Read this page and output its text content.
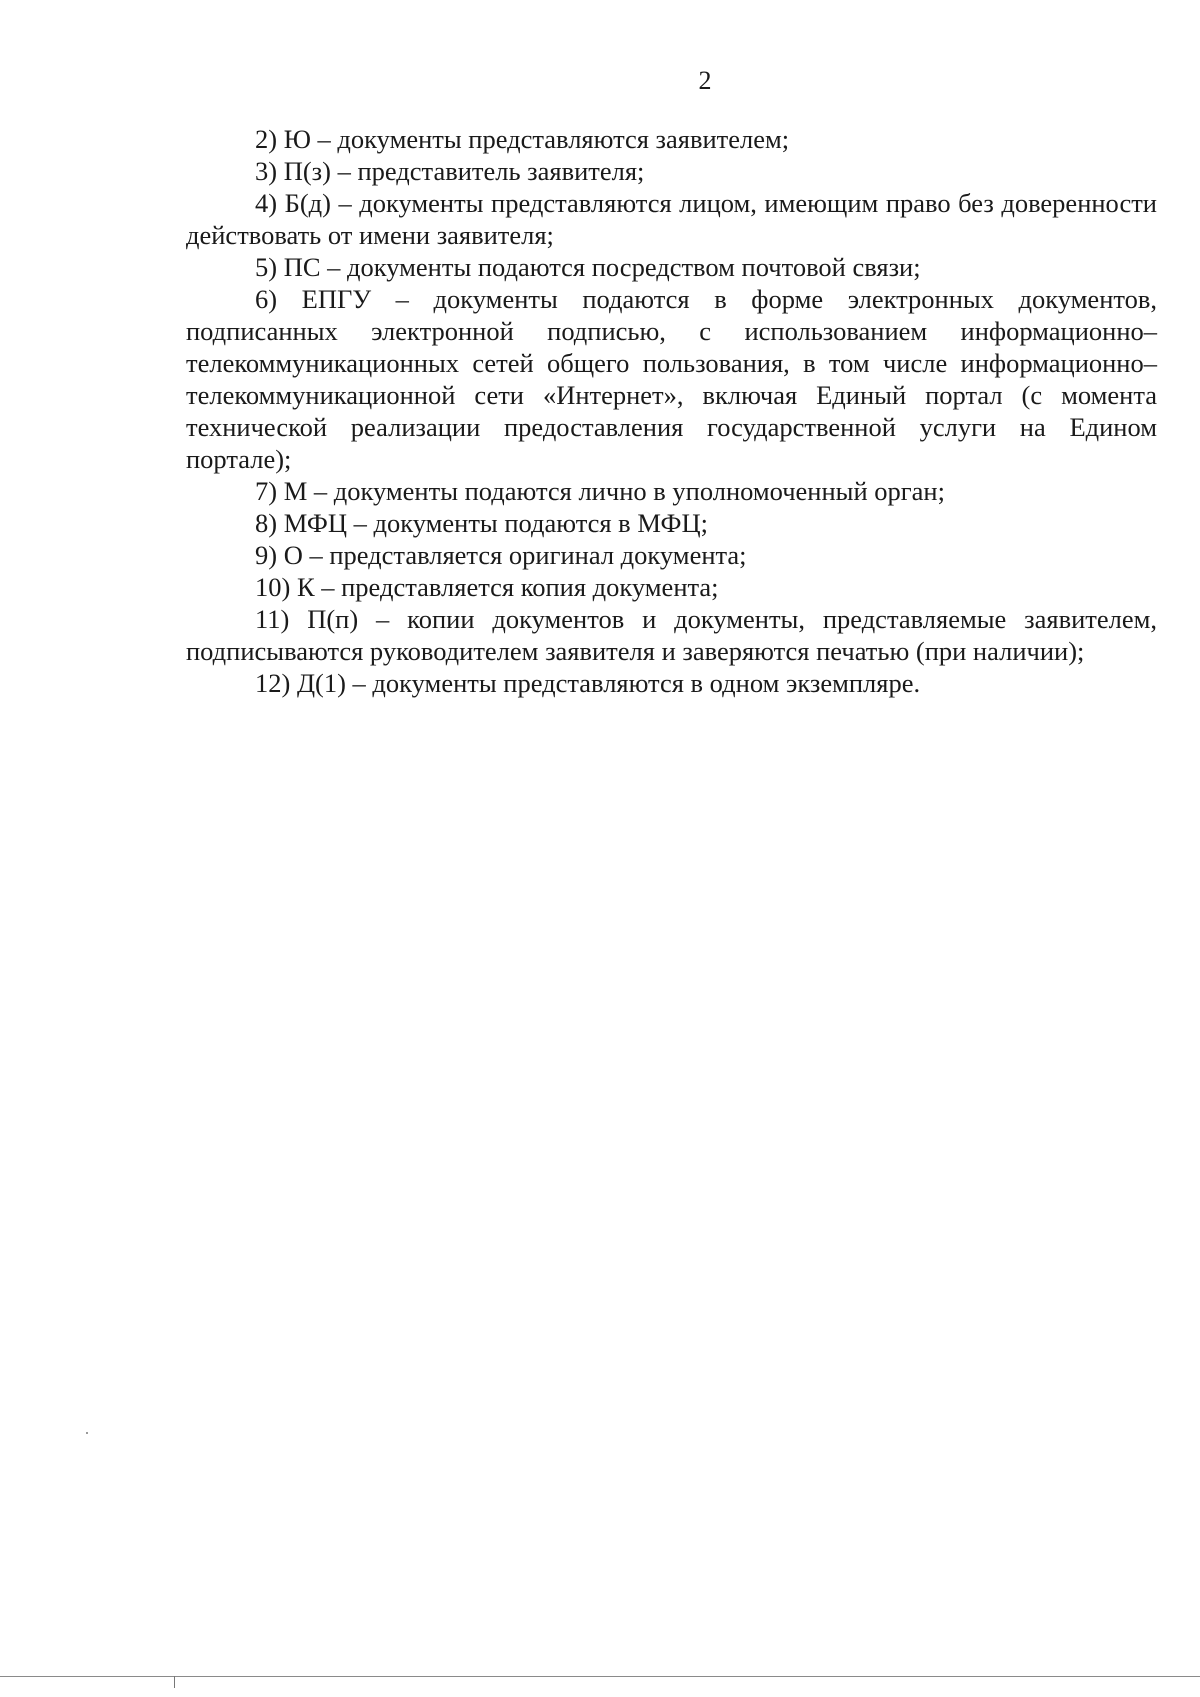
2

2) Ю – документы представляются заявителем;

3) П(з) – представитель заявителя;

4) Б(д) – документы представляются лицом, имеющим право без доверенности действовать от имени заявителя;

5) ПС – документы подаются посредством почтовой связи;

6) ЕПГУ – документы подаются в форме электронных документов, подписанных электронной подписью, с использованием информационно–телекоммуникационных сетей общего пользования, в том числе информационно–телекоммуникационной сети «Интернет», включая Единый портал (с момента технической реализации предоставления государственной услуги на Едином портале);

7) М – документы подаются лично в уполномоченный орган;

8) МФЦ – документы подаются в МФЦ;

9) О – представляется оригинал документа;

10) К – представляется копия документа;

11) П(п) – копии документов и документы, представляемые заявителем, подписываются руководителем заявителя и заверяются печатью (при наличии);

12) Д(1) – документы представляются в одном экземпляре.
